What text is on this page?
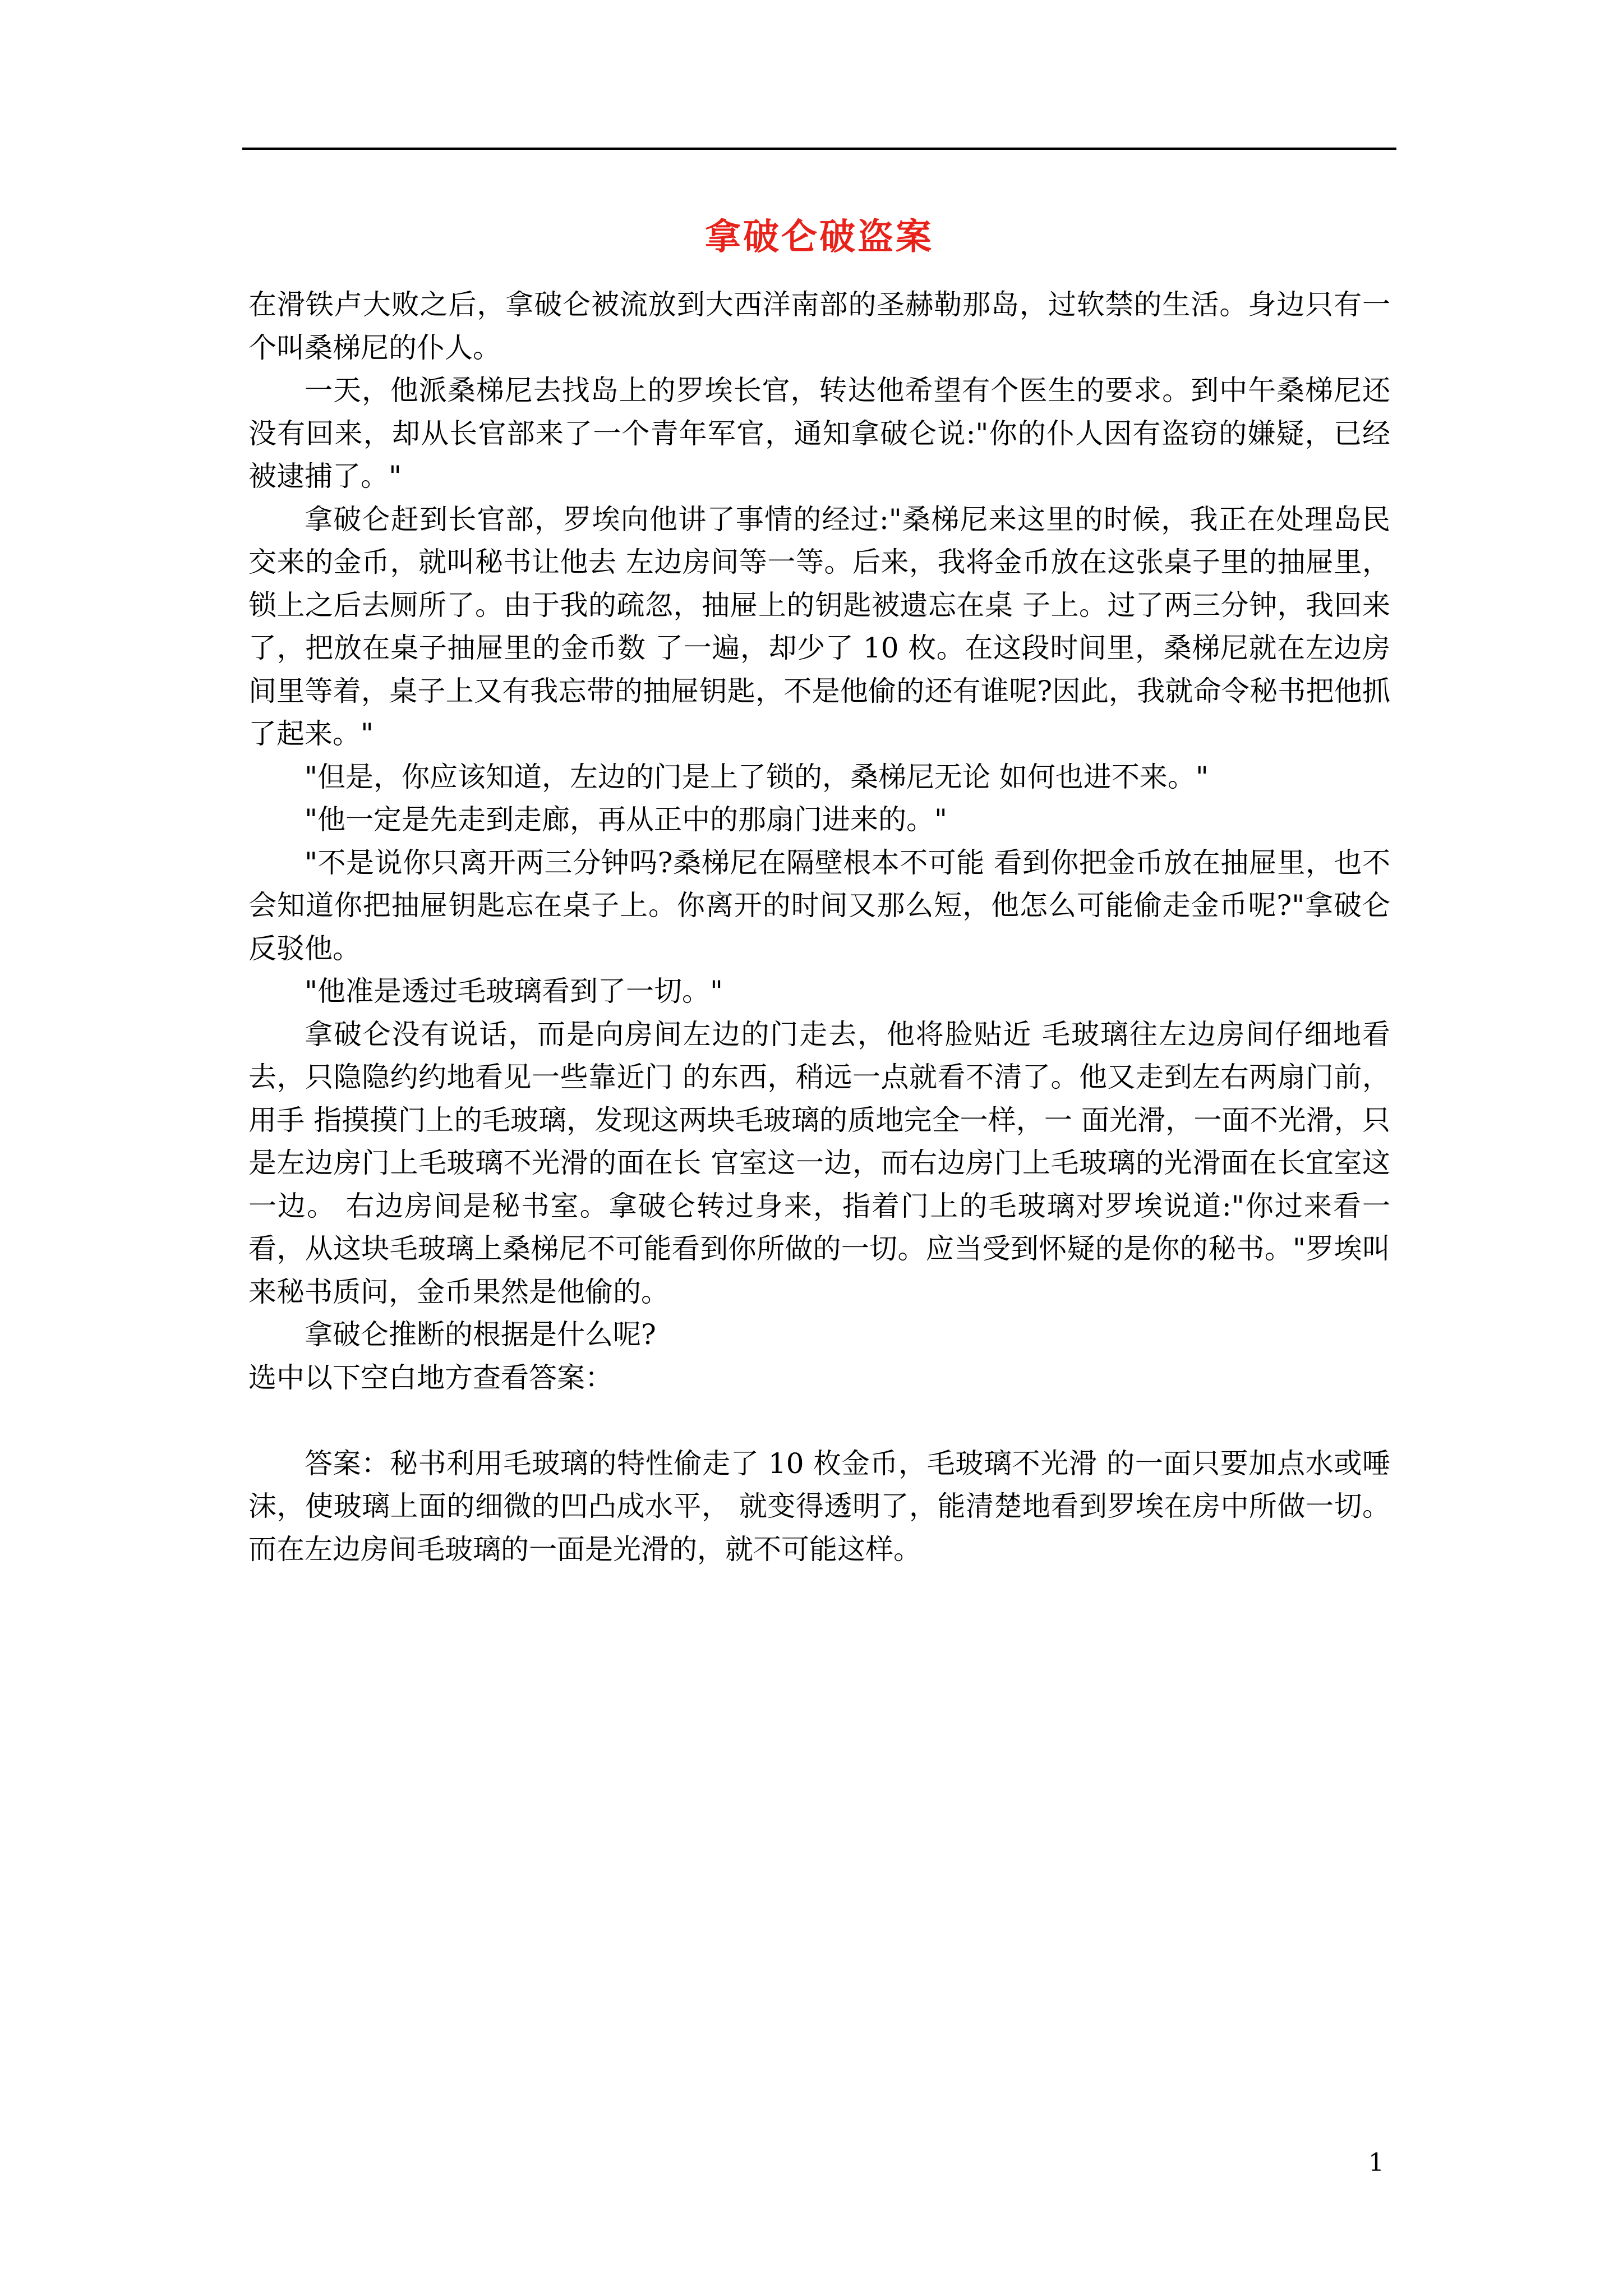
拿破仑破盗案

在滑铁卢大败之后，拿破仑被流放到大西洋南部的圣赫勒那岛，过软禁的生活。身边只有一个叫桑梯尼的仆人。

一天，他派桑梯尼去找岛上的罗埃长官，转达他希望有个医生的要求。到中午桑梯尼还没有回来，却从长官部来了一个青年军官，通知拿破仑说:"你的仆人因有盗窃的嫌疑，已经被逮捕了。"

拿破仑赶到长官部，罗埃向他讲了事情的经过:"桑梯尼来这里的时候，我正在处理岛民交来的金币，就叫秘书让他去 左边房间等一等。后来，我将金币放在这张桌子里的抽屉里，锁上之后去厕所了。由于我的疏忽，抽屉上的钥匙被遗忘在桌 子上。过了两三分钟，我回来了，把放在桌子抽屉里的金币数 了一遍，却少了 10 枚。在这段时间里，桑梯尼就在左边房间里等着，桌子上又有我忘带的抽屉钥匙，不是他偷的还有谁呢?因此，我就命令秘书把他抓了起来。"

"但是，你应该知道，左边的门是上了锁的，桑梯尼无论 如何也进不来。"

"他一定是先走到走廊，再从正中的那扇门进来的。"

"不是说你只离开两三分钟吗?桑梯尼在隔壁根本不可能 看到你把金币放在抽屉里，也不会知道你把抽屉钥匙忘在桌子上。你离开的时间又那么短，他怎么可能偷走金币呢?"拿破仑反驳他。

"他准是透过毛玻璃看到了一切。"

拿破仑没有说话，而是向房间左边的门走去，他将脸贴近 毛玻璃往左边房间仔细地看去，只隐隐约约地看见一些靠近门 的东西，稍远一点就看不清了。他又走到左右两扇门前，用手 指摸摸门上的毛玻璃，发现这两块毛玻璃的质地完全一样，一 面光滑，一面不光滑，只是左边房门上毛玻璃不光滑的面在长 官室这一边，而右边房门上毛玻璃的光滑面在长宜室这一边。 右边房间是秘书室。拿破仑转过身来，指着门上的毛玻璃对罗埃说道:"你过来看一看，从这块毛玻璃上桑梯尼不可能看到你所做的一切。应当受到怀疑的是你的秘书。"罗埃叫来秘书质问，金币果然是他偷的。

拿破仑推断的根据是什么呢?

选中以下空白地方查看答案：

答案：秘书利用毛玻璃的特性偷走了 10 枚金币，毛玻璃不光滑 的一面只要加点水或唾沫，使玻璃上面的细微的凹凸成水平， 就变得透明了，能清楚地看到罗埃在房中所做一切。而在左边房间毛玻璃的一面是光滑的，就不可能这样。

1
